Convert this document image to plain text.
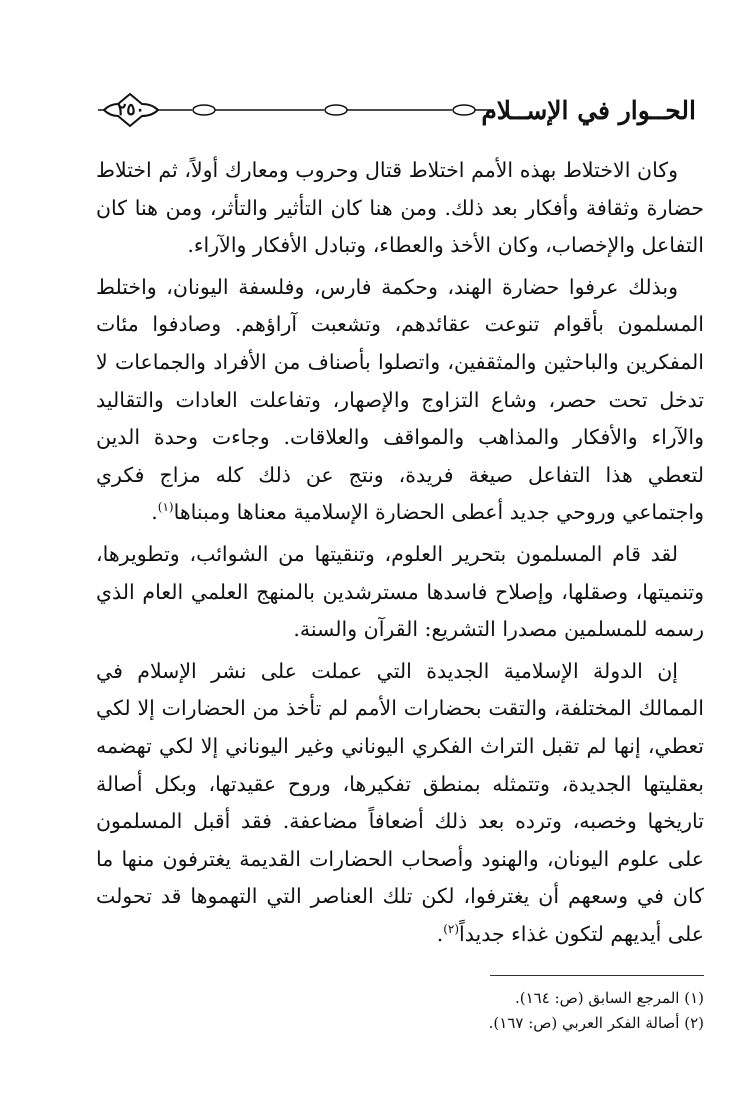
٢٥٠	الحــوار في الإســلام

وكان الاختلاط بهذه الأمم اختلاط قتال وحروب ومعارك أولاً، ثم اختلاط حضارة وثقافة وأفكار بعد ذلك. ومن هنا كان التأثير والتأثر، ومن هنا كان التفاعل والإخصاب، وكان الأخذ والعطاء، وتبادل الأفكار والآراء.

وبذلك عرفوا حضارة الهند، وحكمة فارس، وفلسفة اليونان، واختلط المسلمون بأقوام تنوعت عقائدهم، وتشعبت آراؤهم. وصادفوا مئات المفكرين والباحثين والمثقفين، واتصلوا بأصناف من الأفراد والجماعات لا تدخل تحت حصر، وشاع التزاوج والإصهار، وتفاعلت العادات والتقاليد والآراء والأفكار والمذاهب والمواقف والعلاقات. وجاءت وحدة الدين لتعطي هذا التفاعل صيغة فريدة، ونتج عن ذلك كله مزاج فكري واجتماعي وروحي جديد أعطى الحضارة الإسلامية معناها ومبناها$^{(١)}$.

لقد قام المسلمون بتحرير العلوم، وتنقيتها من الشوائب، وتطويرها، وتنميتها، وصقلها، وإصلاح فاسدها مسترشدين بالمنهج العلمي العام الذي رسمه للمسلمين مصدرا التشريع: القرآن والسنة.

إن الدولة الإسلامية الجديدة التي عملت على نشر الإسلام في الممالك المختلفة، والتقت بحضارات الأمم لم تأخذ من الحضارات إلا لكي تعطي، إنها لم تقبل التراث الفكري اليوناني وغير اليوناني إلا لكي تهضمه بعقليتها الجديدة، وتتمثله بمنطق تفكيرها، وروح عقيدتها، وبكل أصالة تاريخها وخصبه، وترده بعد ذلك أضعافاً مضاعفة. فقد أقبل المسلمون على علوم اليونان، والهنود وأصحاب الحضارات القديمة يغترفون منها ما كان في وسعهم أن يغترفوا، لكن تلك العناصر التي التهموها قد تحولت على أيديهم لتكون غذاء جديداً$^{(٢)}$.

(١) المرجع السابق (ص: ١٦٤).
(٢) أصالة الفكر العربي (ص: ١٦٧).
